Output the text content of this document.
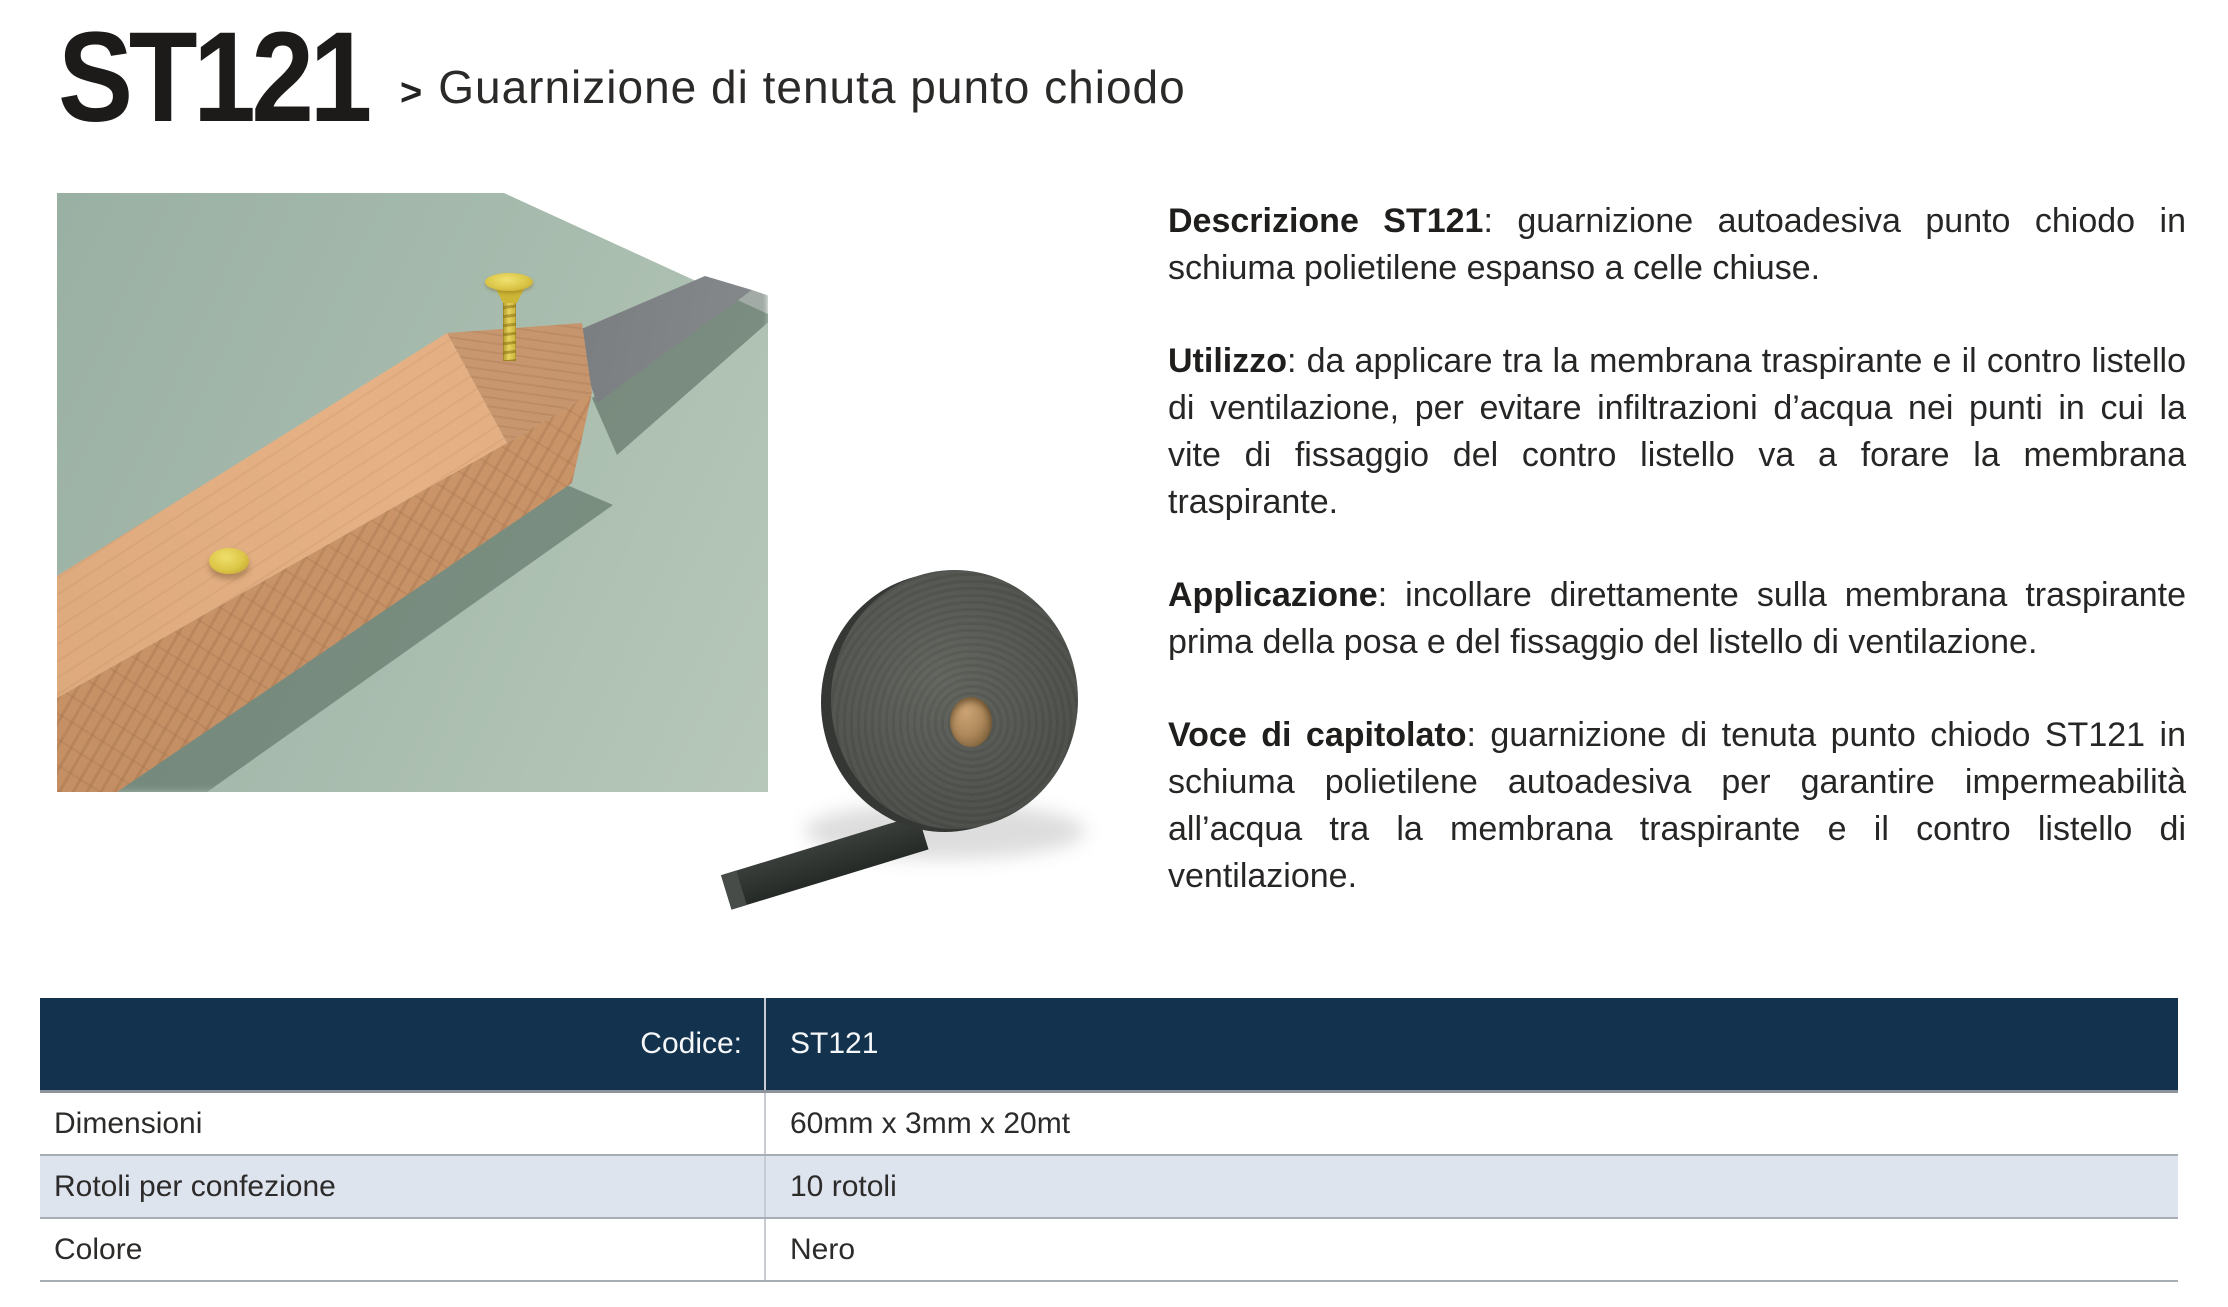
ST121 > Guarnizione di tenuta punto chiodo

Descrizione ST121: guarnizione autoadesiva punto chiodo in schiuma polietilene espanso a celle chiuse.

Utilizzo: da applicare tra la membrana traspirante e il contro listello di ventilazione, per evitare infiltrazioni d’acqua nei punti in cui la vite di fissaggio del contro listello va a forare la membrana traspirante.

Applicazione: incollare direttamente sulla membrana traspirante prima della posa e del fissaggio del listello di ventilazione.

Voce di capitolato: guarnizione di tenuta punto chiodo ST121 in schiuma polietilene autoadesiva per garantire impermeabilità all’acqua tra la membrana traspirante e il contro listello di ventilazione.

Codice: ST121
Dimensioni	60mm x 3mm x 20mt
Rotoli per confezione	10 rotoli
Colore	Nero
